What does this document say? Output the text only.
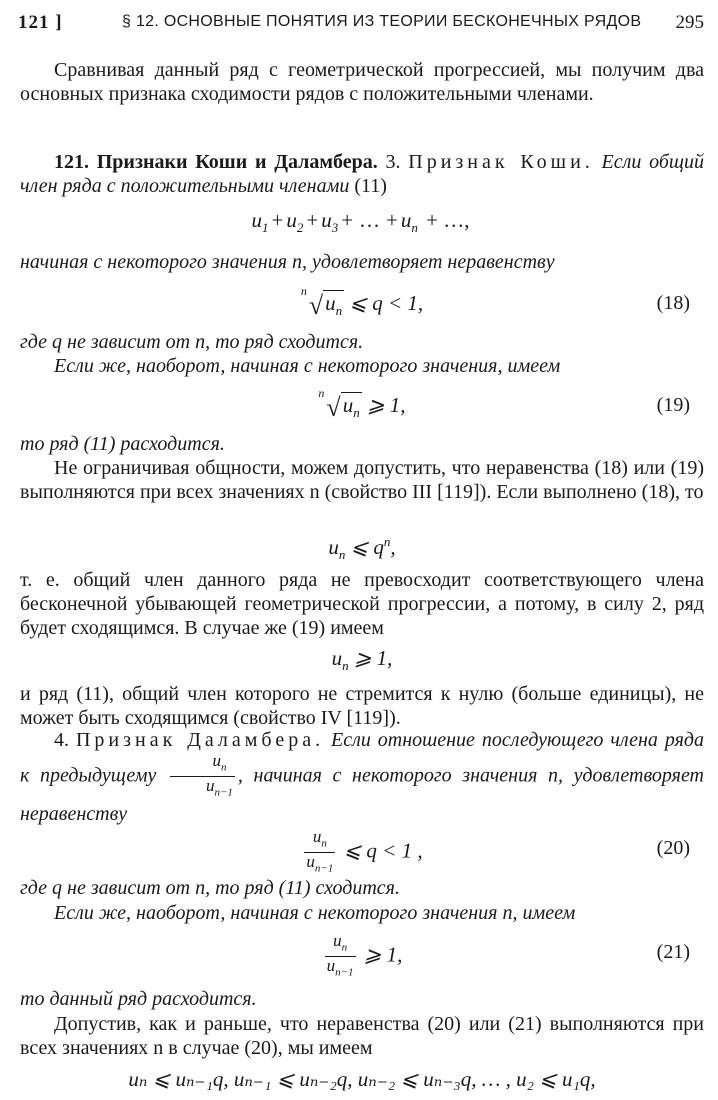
121 ]	§ 12. ОСНОВНЫЕ ПОНЯТИЯ ИЗ ТЕОРИИ БЕСКОНЕЧНЫХ РЯДОВ 295
Сравнивая данный ряд с геометрической прогрессией, мы получим два основных признака сходимости рядов с положительными членами.
121. Признаки Коши и Даламбера. 3. Признак Коши. Если общий член ряда с положительными членами (11)
$u_1 + u_2 + u_3$ + … + $u_n$ + …,
начиная с некоторого значения n, удовлетворяет неравенству
n $√u_n$ ⩽ q < 1,	(18)
где q не зависит от n, то ряд сходится.
Если же, наоборот, начиная с некоторого значения, имеем
n $√u_n$ ⩾ 1,	(19)
то ряд (11) расходится.
Не ограничивая общности, можем допустить, что неравенства (18) или (19) выполняются при всех значениях n (свойство III [119]). Если выполнено (18), то
$u_n$ ⩽ $q^n$,
т. е. общий член данного ряда не превосходит соответствующего члена бесконечной убывающей геометрической прогрессии, а потому, в силу 2, ряд будет сходящимся. В случае же (19) имеем
$u_n$ ⩾ 1,
и ряд (11), общий член которого не стремится к нулю (больше единицы), не может быть сходящимся (свойство IV [119]).
4. Признак Даламбера. Если отношение последующего члена ряда к предыдущему $\frac{u_n}{u_{n-1}}$ , начиная с некоторого значения n, удовлетворяет неравенству
$\frac{u_n}{u_{n-1}}$ ⩽ q < 1 ,	(20)
где q не зависит от n, то ряд (11) сходится.
Если же, наоборот, начиная с некоторого значения n, имеем
$\frac{u_n}{u_{n-1}}$ ⩾ 1,	(21)
то данный ряд расходится.
Допустив, как и раньше, что неравенства (20) или (21) выполняются при всех значениях n в случае (20), мы имеем
uₙ ⩽ uₙ₋₁q, uₙ₋₁ ⩽ uₙ₋₂q, uₙ₋₂ ⩽ uₙ₋₃q, … , u₂ ⩽ u₁q,
